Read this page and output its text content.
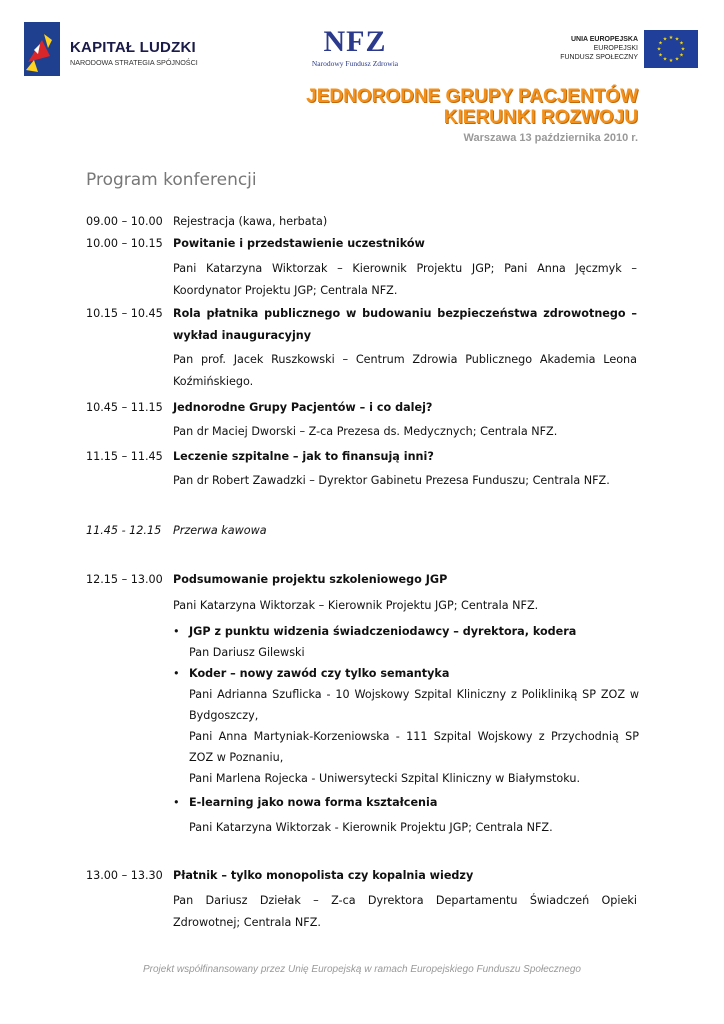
KAPITAŁ LUDZKI
NARODOWA STRATEGIA SPÓJNOŚCI
NFZ
Narodowy Fundusz Zdrowia
UNIA EUROPEJSKA
EUROPEJSKI
FUNDUSZ SPOŁECZNY
★ ★
★
★
★
★
★
★
★
★
★
★
JEDNORODNE GRUPY PACJENTÓW
KIERUNKI ROZWOJU
Warszawa 13 października 2010 r.
Program konferencji
09.00 – 10.00 Rejestracja (kawa, herbata)
10.00 – 10.15 Powitanie i przedstawienie uczestników
Pani Katarzyna Wiktorzak – Kierownik Projektu JGP; Pani Anna Jęczmyk – Koordynator Projektu JGP; Centrala NFZ.
10.15 – 10.45 Rola płatnika publicznego w budowaniu bezpieczeństwa zdrowotnego – wykład inauguracyjny
Pan prof. Jacek Ruszkowski – Centrum Zdrowia Publicznego Akademia Leona Koźmińskiego.
10.45 – 11.15 Jednorodne Grupy Pacjentów – i co dalej?
Pan dr Maciej Dworski – Z-ca Prezesa ds. Medycznych; Centrala NFZ.
11.15 – 11.45 Leczenie szpitalne – jak to finansują inni?
Pan dr Robert Zawadzki – Dyrektor Gabinetu Prezesa Funduszu; Centrala NFZ.
11.45 - 12.15 Przerwa kawowa
12.15 – 13.00 Podsumowanie projektu szkoleniowego JGP
Pani Katarzyna Wiktorzak – Kierownik Projektu JGP; Centrala NFZ.
• JGP z punktu widzenia świadczeniodawcy – dyrektora, kodera
Pan Dariusz Gilewski
• Koder – nowy zawód czy tylko semantyka
Pani Adrianna Szuflicka - 10 Wojskowy Szpital Kliniczny z Polikliniką SP ZOZ w Bydgoszczy,
Pani Anna Martyniak-Korzeniowska - 111 Szpital Wojskowy z Przychodnią SP ZOZ w Poznaniu,
Pani Marlena Rojecka - Uniwersytecki Szpital Kliniczny w Białymstoku.
• E-learning jako nowa forma kształcenia
Pani Katarzyna Wiktorzak - Kierownik Projektu JGP; Centrala NFZ.
13.00 – 13.30 Płatnik – tylko monopolista czy kopalnia wiedzy
Pan Dariusz Dziełak – Z-ca Dyrektora Departamentu Świadczeń Opieki Zdrowotnej; Centrala NFZ.
Projekt współfinansowany przez Unię Europejską w ramach Europejskiego Funduszu Społecznego
